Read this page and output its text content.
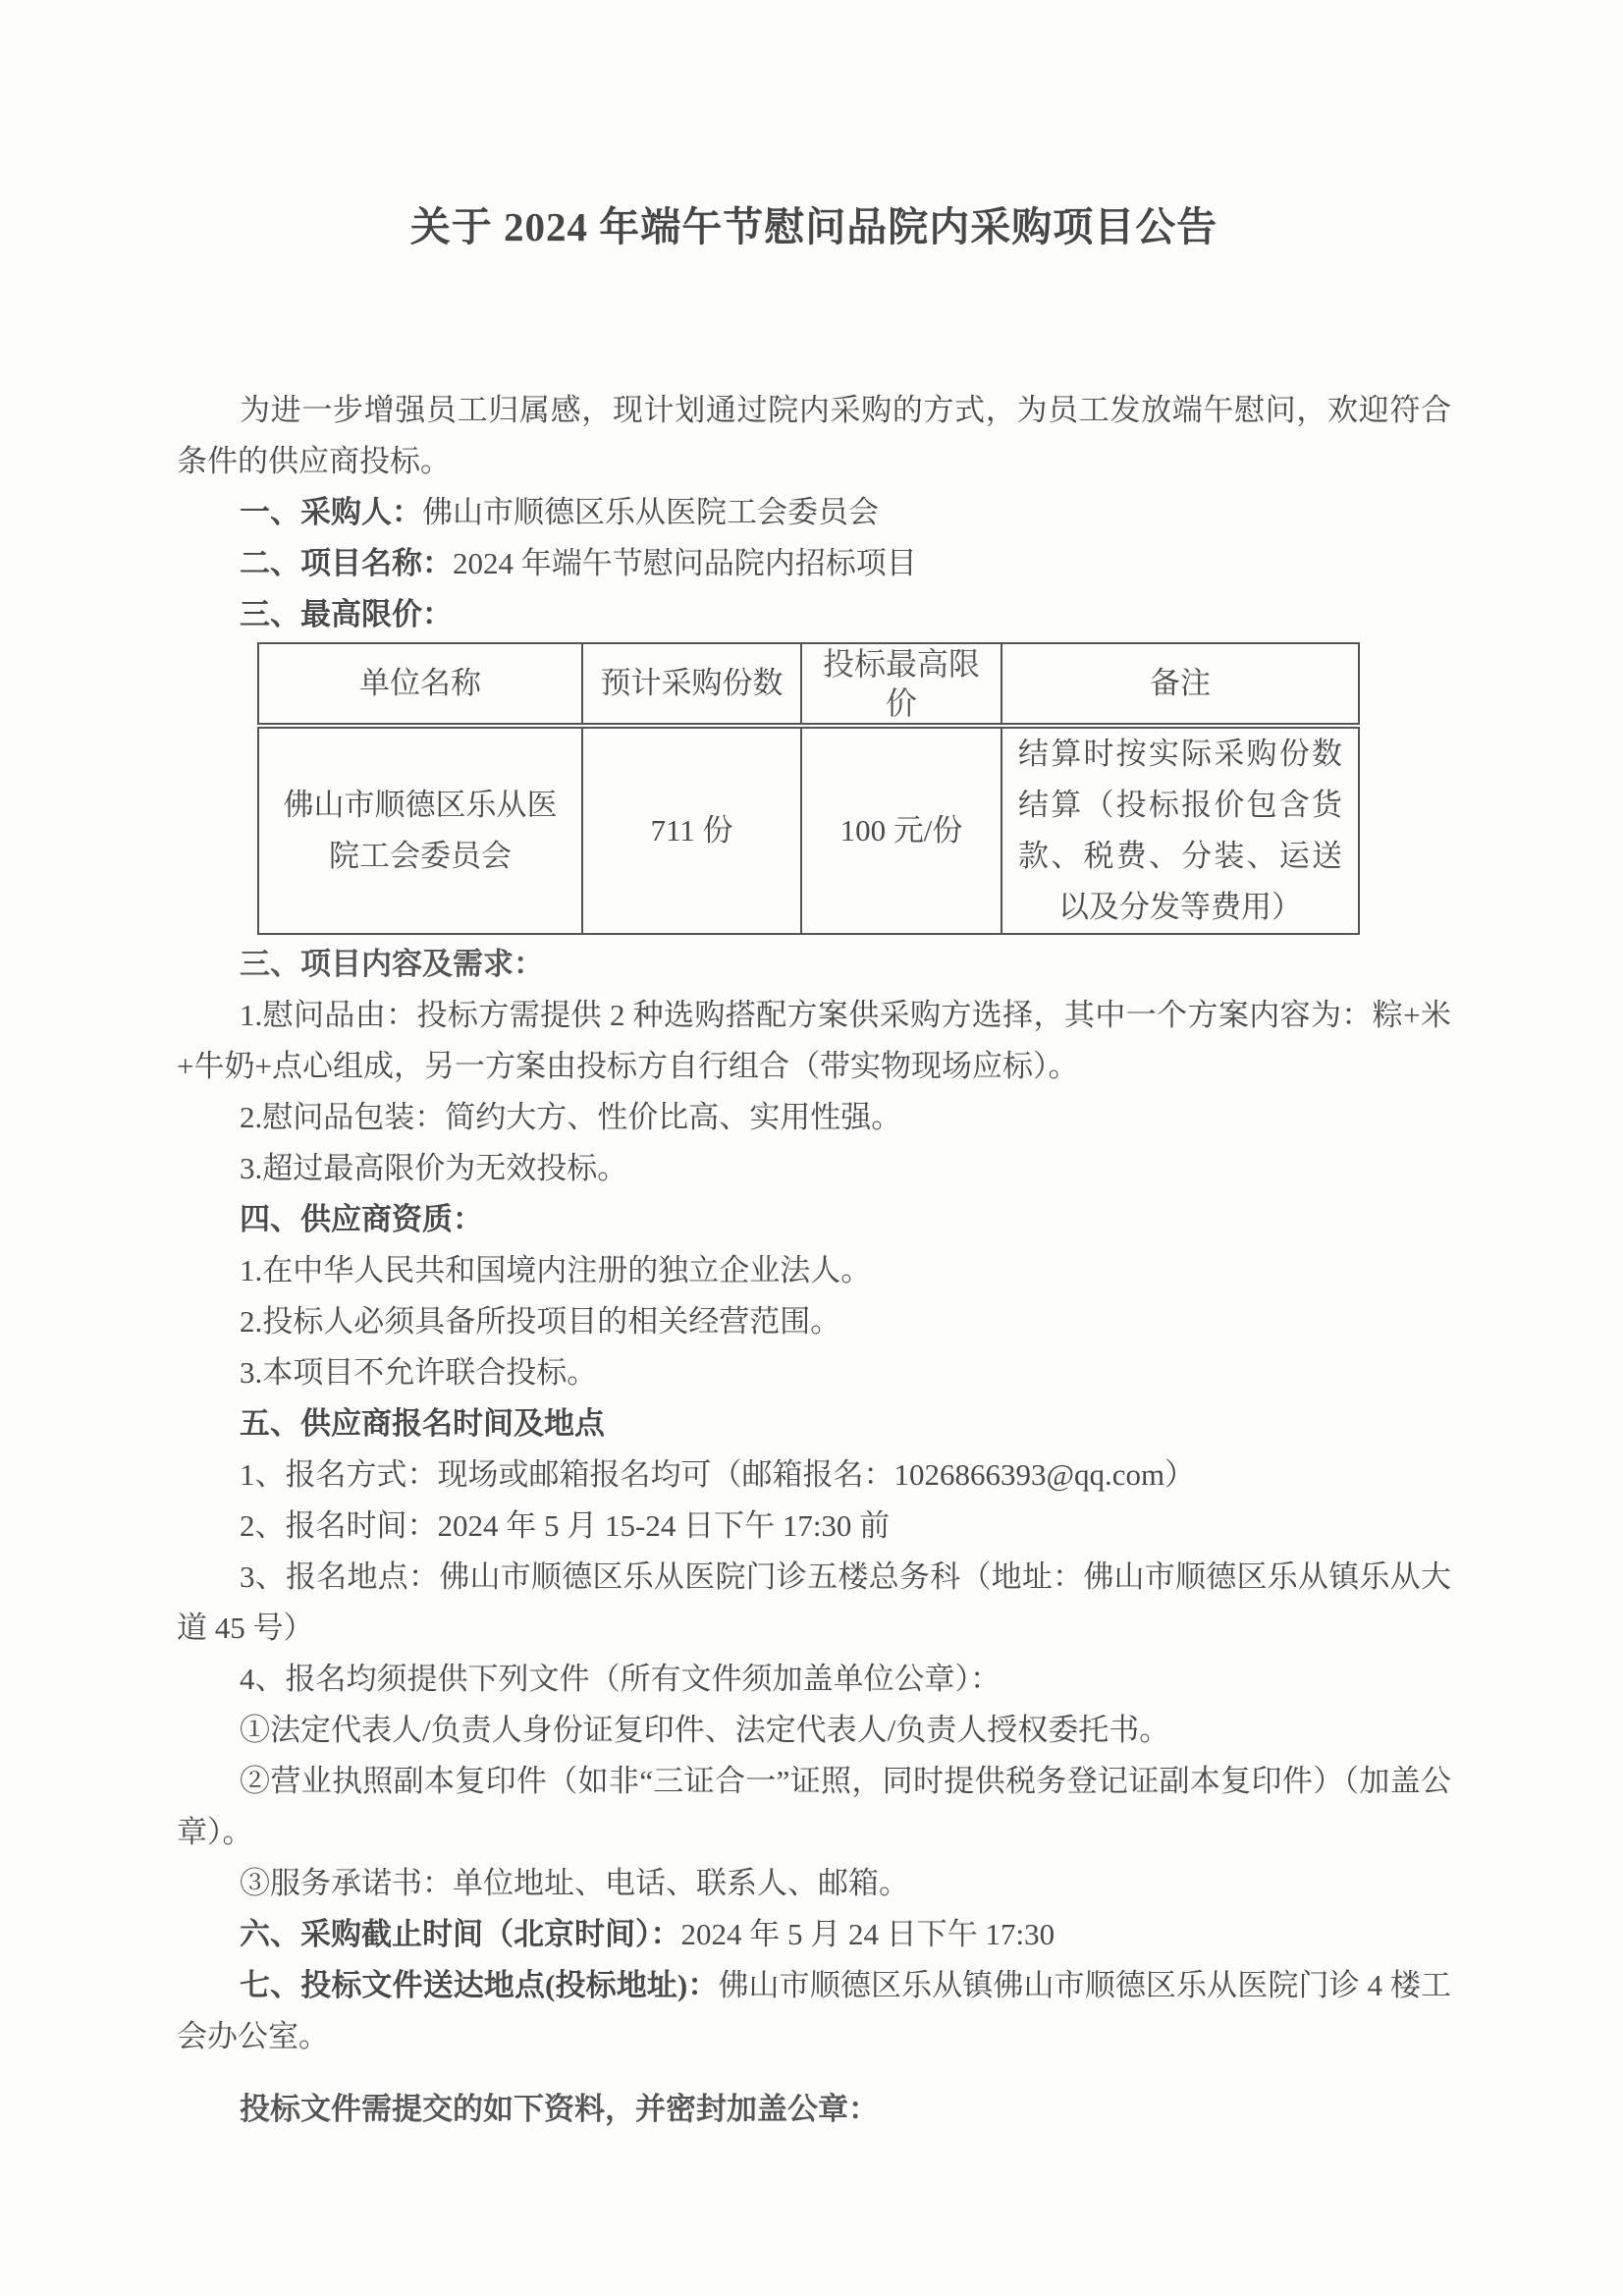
关于 2024 年端午节慰问品院内采购项目公告

为进一步增强员工归属感，现计划通过院内采购的方式，为员工发放端午慰问，欢迎符合条件的供应商投标。

一、采购人：佛山市顺德区乐从医院工会委员会

二、项目名称：2024 年端午节慰问品院内招标项目

三、最高限价：

单位名称	预计采购份数	投标最高限价	备注
佛山市顺德区乐从医院工会委员会	711 份	100 元/份	结算时按实际采购份数结算（投标报价包含货款、税费、分装、运送以及分发等费用）

三、项目内容及需求：

1.慰问品由：投标方需提供 2 种选购搭配方案供采购方选择，其中一个方案内容为：粽+米+牛奶+点心组成，另一方案由投标方自行组合（带实物现场应标）。

2.慰问品包装：简约大方、性价比高、实用性强。

3.超过最高限价为无效投标。

四、供应商资质：

1.在中华人民共和国境内注册的独立企业法人。

2.投标人必须具备所投项目的相关经营范围。

3.本项目不允许联合投标。

五、供应商报名时间及地点

1、报名方式：现场或邮箱报名均可（邮箱报名：1026866393@qq.com）

2、报名时间：2024 年 5 月 15-24 日下午 17:30 前

3、报名地点：佛山市顺德区乐从医院门诊五楼总务科（地址：佛山市顺德区乐从镇乐从大道 45 号）

4、报名均须提供下列文件（所有文件须加盖单位公章）：

①法定代表人/负责人身份证复印件、法定代表人/负责人授权委托书。

②营业执照副本复印件（如非“三证合一”证照，同时提供税务登记证副本复印件）（加盖公章）。

③服务承诺书：单位地址、电话、联系人、邮箱。

六、采购截止时间（北京时间）：2024 年 5 月 24 日下午 17:30

七、投标文件送达地点(投标地址)：佛山市顺德区乐从镇佛山市顺德区乐从医院门诊 4 楼工会办公室。

投标文件需提交的如下资料，并密封加盖公章：
